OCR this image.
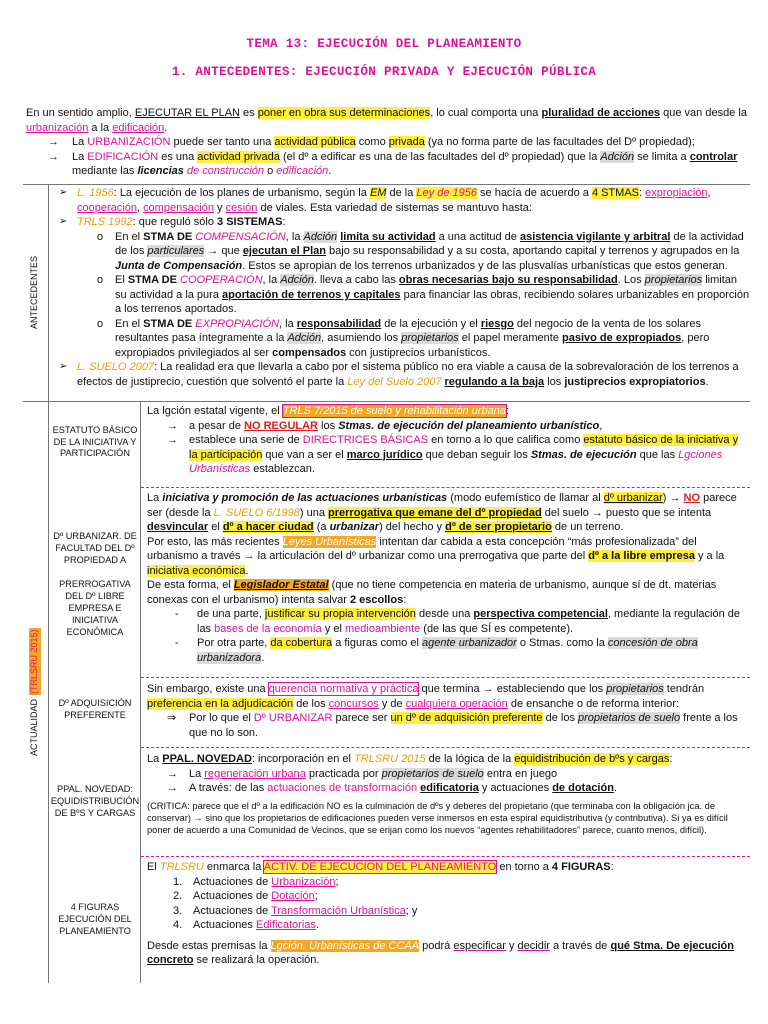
TEMA 13: EJECUCIÓN DEL PLANEAMIENTO
1. ANTECEDENTES: EJECUCIÓN PRIVADA Y EJECUCIÓN PÚBLICA

En un sentido amplio, EJECUTAR EL PLAN es poner en obra sus determinaciones, lo cual comporta una pluralidad de acciones que van desde la urbanización a la edificación.

→ La URBANIZACIÓN puede ser tanto una actividad pública como privada (ya no forma parte de las facultades del Dº propiedad);
→ La EDIFICACIÓN es una actividad privada (el dº a edificar es una de las facultades del dº propiedad) que la Adción se limita a controlar mediante las licencias de construcción o edificación.
ANTECEDENTES
➢ L. 1956: La ejecución de los planes de urbanismo, según la EM de la Ley de 1956 se hacía de acuerdo a 4 STMAS: expropiación, cooperación, compensación y cesión de viales. Esta variedad de sistemas se mantuvo hasta:
➢ TRLS 1992: que reguló sólo 3 SISTEMAS:
o En el STMA DE COMPENSACIÓN, la Adción limita su actividad a una actitud de asistencia vigilante y arbitral de la actividad de los particulares → que ejecutan el Plan bajo su responsabilidad y a su costa, aportando capital y terrenos y agrupados en la Junta de Compensación. Estos se apropian de los terrenos urbanizados y de las plusvalías urbanísticas que estos generan.
o El STMA DE COOPERACIÓN, la Adción. lleva a cabo las obras necesarias bajo su responsabilidad. Los propietarios limitan su actividad a la pura aportación de terrenos y capitales para financiar las obras, recibiendo solares urbanizables en proporción a los terrenos aportados.
o En el STMA DE EXPROPIACIÓN, la responsabilidad de la ejecución y el riesgo del negocio de la venta de los solares resultantes pasa íntegramente a la Adción, asumiendo los propietarios el papel meramente pasivo de expropiados, pero expropiados privilegiados al ser compensados con justiprecios urbanísticos.
➢ L. SUELO 2007: La realidad era que llevarla a cabo por el sistema público no era viable a causa de la sobrevaloración de los terrenos a efectos de justiprecio, cuestión que solventó el parte la Ley del Suelo 2007 regulando a la baja los justiprecios expropiatorios.
ACTUALIDAD
(TRLSRU 2015)
ESTATUTO BÁSICO DE LA INICIATIVA Y PARTICIPACIÓN

La lgción estatal vigente, el TRLS 7/2015 de suelo y rehabilitación urbana:

→ a pesar de NO REGULAR los Stmas. de ejecución del planeamiento urbanístico,
→ establece una serie de DIRECTRICES BÁSICAS en torno a lo que califica como estatuto básico de la iniciativa y la participación que van a ser el marco jurídico que deban seguir los Stmas. de ejecución que las Lgciones Urbanísticas establezcan.
Dº URBANIZAR. DE FACULTAD DEL Dº PROPIEDAD A
PRERROGATIVA DEL Dº LIBRE EMPRESA E INICIATIVA ECONÓMICA

La iniciativa y promoción de las actuaciones urbanísticas (modo eufemístico de llamar al dº urbanizar) → NO parece ser (desde la L. SUELO 6/1998) una prerrogativa que emane del dº propiedad del suelo → puesto que se intenta desvincular el dº a hacer ciudad (a urbanizar) del hecho y dº de ser propietario de un terreno.

Por esto, las más recientes Leyes Urbanísticas intentan dar cabida a esta concepción “más profesionalizada” del urbanismo a través → la articulación del dº urbanizar como una prerrogativa que parte del dº a la libre empresa y a la iniciativa económica.

De esta forma, el Legislador Estatal (que no tiene competencia en materia de urbanismo, aunque sí de dt. materias conexas con el urbanismo) intenta salvar 2 escollos:

- de una parte, justificar su propia intervención desde una perspectiva competencial, mediante la regulación de las bases de la economía y el medioambiente (de las que SÍ es competente).
- Por otra parte, da cobertura a figuras como el agente urbanizador o Stmas. como la concesión de obra urbanizadora.
Dº ADQUISICIÓN PREFERENTE

Sin embargo, existe una querencia normativa y práctica que termina → estableciendo que los propietarios tendrán preferencia en la adjudicación de los concursos y de cualquiera operación de ensanche o de reforma interior:

⇒ Por lo que el Dº URBANIZAR parece ser un dº de adquisición preferente de los propietarios de suelo frente a los que no lo son.
PPAL. NOVEDAD: EQUIDISTRIBUCIÓN DE BºS Y CARGAS

La PPAL. NOVEDAD: incorporación en el TRLSRU 2015 de la lógica de la equidistribución de bºs y cargas:

→ La regeneración urbana practicada por propietarios de suelo entra en juego
→ A través: de las actuaciones de transformación edificatoria y actuaciones de dotación.

(CRITICA: parece que el dº a la edificación NO es la culminación de dºs y deberes del propietario (que terminaba con la obligación jca. de conservar) → sino que los propietarios de edificaciones pueden verse inmersos en esta espiral equidistributiva (y contributiva). Si ya es difícil poner de acuerdo a una Comunidad de Vecinos, que se erijan como los nuevos “agentes rehabilitadores” parece, cuanto menos, difícil).

4 FIGURAS EJECUCIÓN DEL PLANEAMIENTO

El TRLSRU enmarca la ACTIV. DE EJECUCIÓN DEL PLANEAMIENTO en torno a 4 FIGURAS:

1. Actuaciones de Urbanización;
2. Actuaciones de Dotación;
3. Actuaciones de Transformación Urbanística; y
4. Actuaciones Edificatorias.

Desde estas premisas la Lgción. Urbanísticas de CCAA podrá especificar y decidir a través de qué Stma. De ejecución concreto se realizará la operación.
